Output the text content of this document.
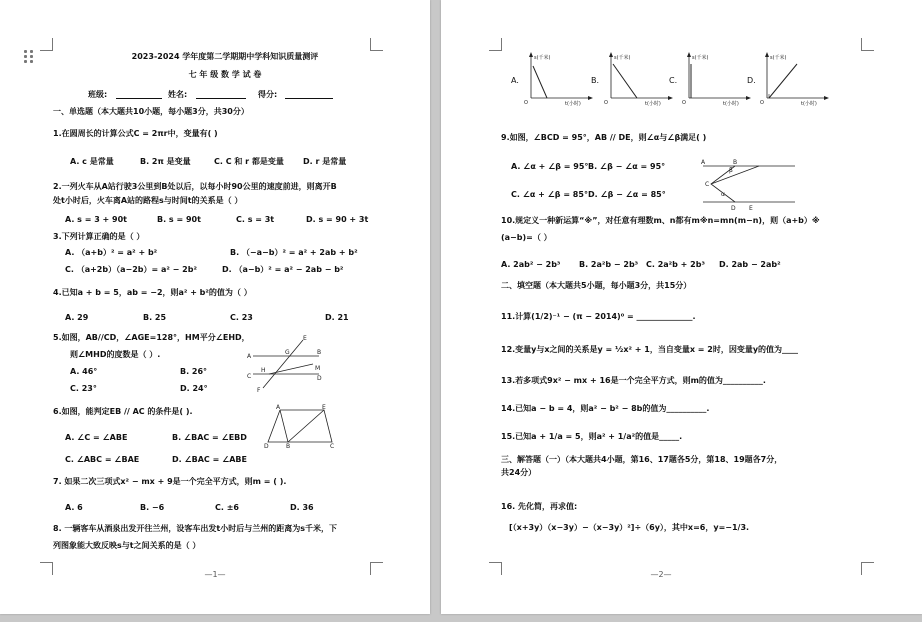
2023-2024 学年度第二学期期中学科知识质量测评
七 年 级 数 学 试 卷
班级:	姓名:	得分:
一、单选题（本大题共10小题，每小题3分，共30分）
1.在圆周长的计算公式C = 2πr中，变量有( )
A. c 是常量	B. 2π 是变量	C. C 和 r 都是变量 D. r 是常量
2.一列火车从A站行驶3公里到B处以后，以每小时90公里的速度前进，则离开B
处t小时后，火车离A站的路程s与时间t的关系是（ ）
A. s = 3 + 90t	B. s = 90t	C. s = 3t	D. s = 90 + 3t
3.下列计算正确的是（ ）
A. （a+b）² = a² + b²	B. （−a−b）² = a² + 2ab + b²
C. （a+2b）（a−2b）= a² − 2b²	D. （a−b）² = a² − 2ab − b²
4.已知a + b = 5，ab = −2，则a² + b²的值为（ ）
A. 29	B. 25	C. 23	D. 21
5.如图，AB//CD，∠AGE=128°，HM平分∠EHD，
则∠MHD的度数是（ ）.
A. 46°	B. 26°
C. 23°	D. 24°
A
G	B
E
C
H	M
D
F
6.如图，能判定EB // AC 的条件是( ).
A. ∠C = ∠ABE	B. ∠BAC = ∠EBD
C. ∠ABC = ∠BAE	D. ∠BAC = ∠ABE
A	E
D	B	C
7. 如果二次三项式x² − mx + 9是一个完全平方式，则m = ( ).
A. 6	B. −6	C. ±6	D. 36
8. 一辆客车从酒泉出发开往兰州，设客车出发t小时后与兰州的距离为s千米，下
列图象能大致反映s与t之间关系的是（ ）
—1—
A.
s(千米)
O	t(小时)
B.
s(千米)
O	t(小时)
C.
s(千米)
O	t(小时)
D.
s(千米)
O	t(小时)
9.如图，∠BCD = 95°，AB // DE，则∠α与∠β满足( )
A. ∠α + ∠β = 95° B. ∠β − ∠α = 95°
C. ∠α + ∠β = 85° D. ∠β − ∠α = 85°
A	B
C
D E
β
α
10.规定义一种新运算“※”，对任意有理数m、n都有m※n=mn(m−n)，则（a+b）※
(a−b)=（ ）
A. 2ab² − 2b³ B. 2a²b − 2b³ C. 2a²b + 2b³ D. 2ab − 2ab²
二、填空题（本大题共5小题，每小题3分，共15分）
11.计算(1/2)⁻¹ − (π − 2014)⁰ = ______________.
12.变量y与x之间的关系是y = ½x² + 1，当自变量x = 2时，因变量y的值为____
13.若多项式9x² − mx + 16是一个完全平方式，则m的值为__________.
14.已知a − b = 4，则a² − b² − 8b的值为__________.
15.已知a + 1/a = 5，则a² + 1/a²的值是_____.
三、解答题（一）（本大题共4小题，第16、17题各5分，第18、19题各7分，
共24分）
16. 先化简，再求值:
[（x+3y）（x−3y）−（x−3y）²]÷（6y），其中x=6，y=−1/3.
—2—
